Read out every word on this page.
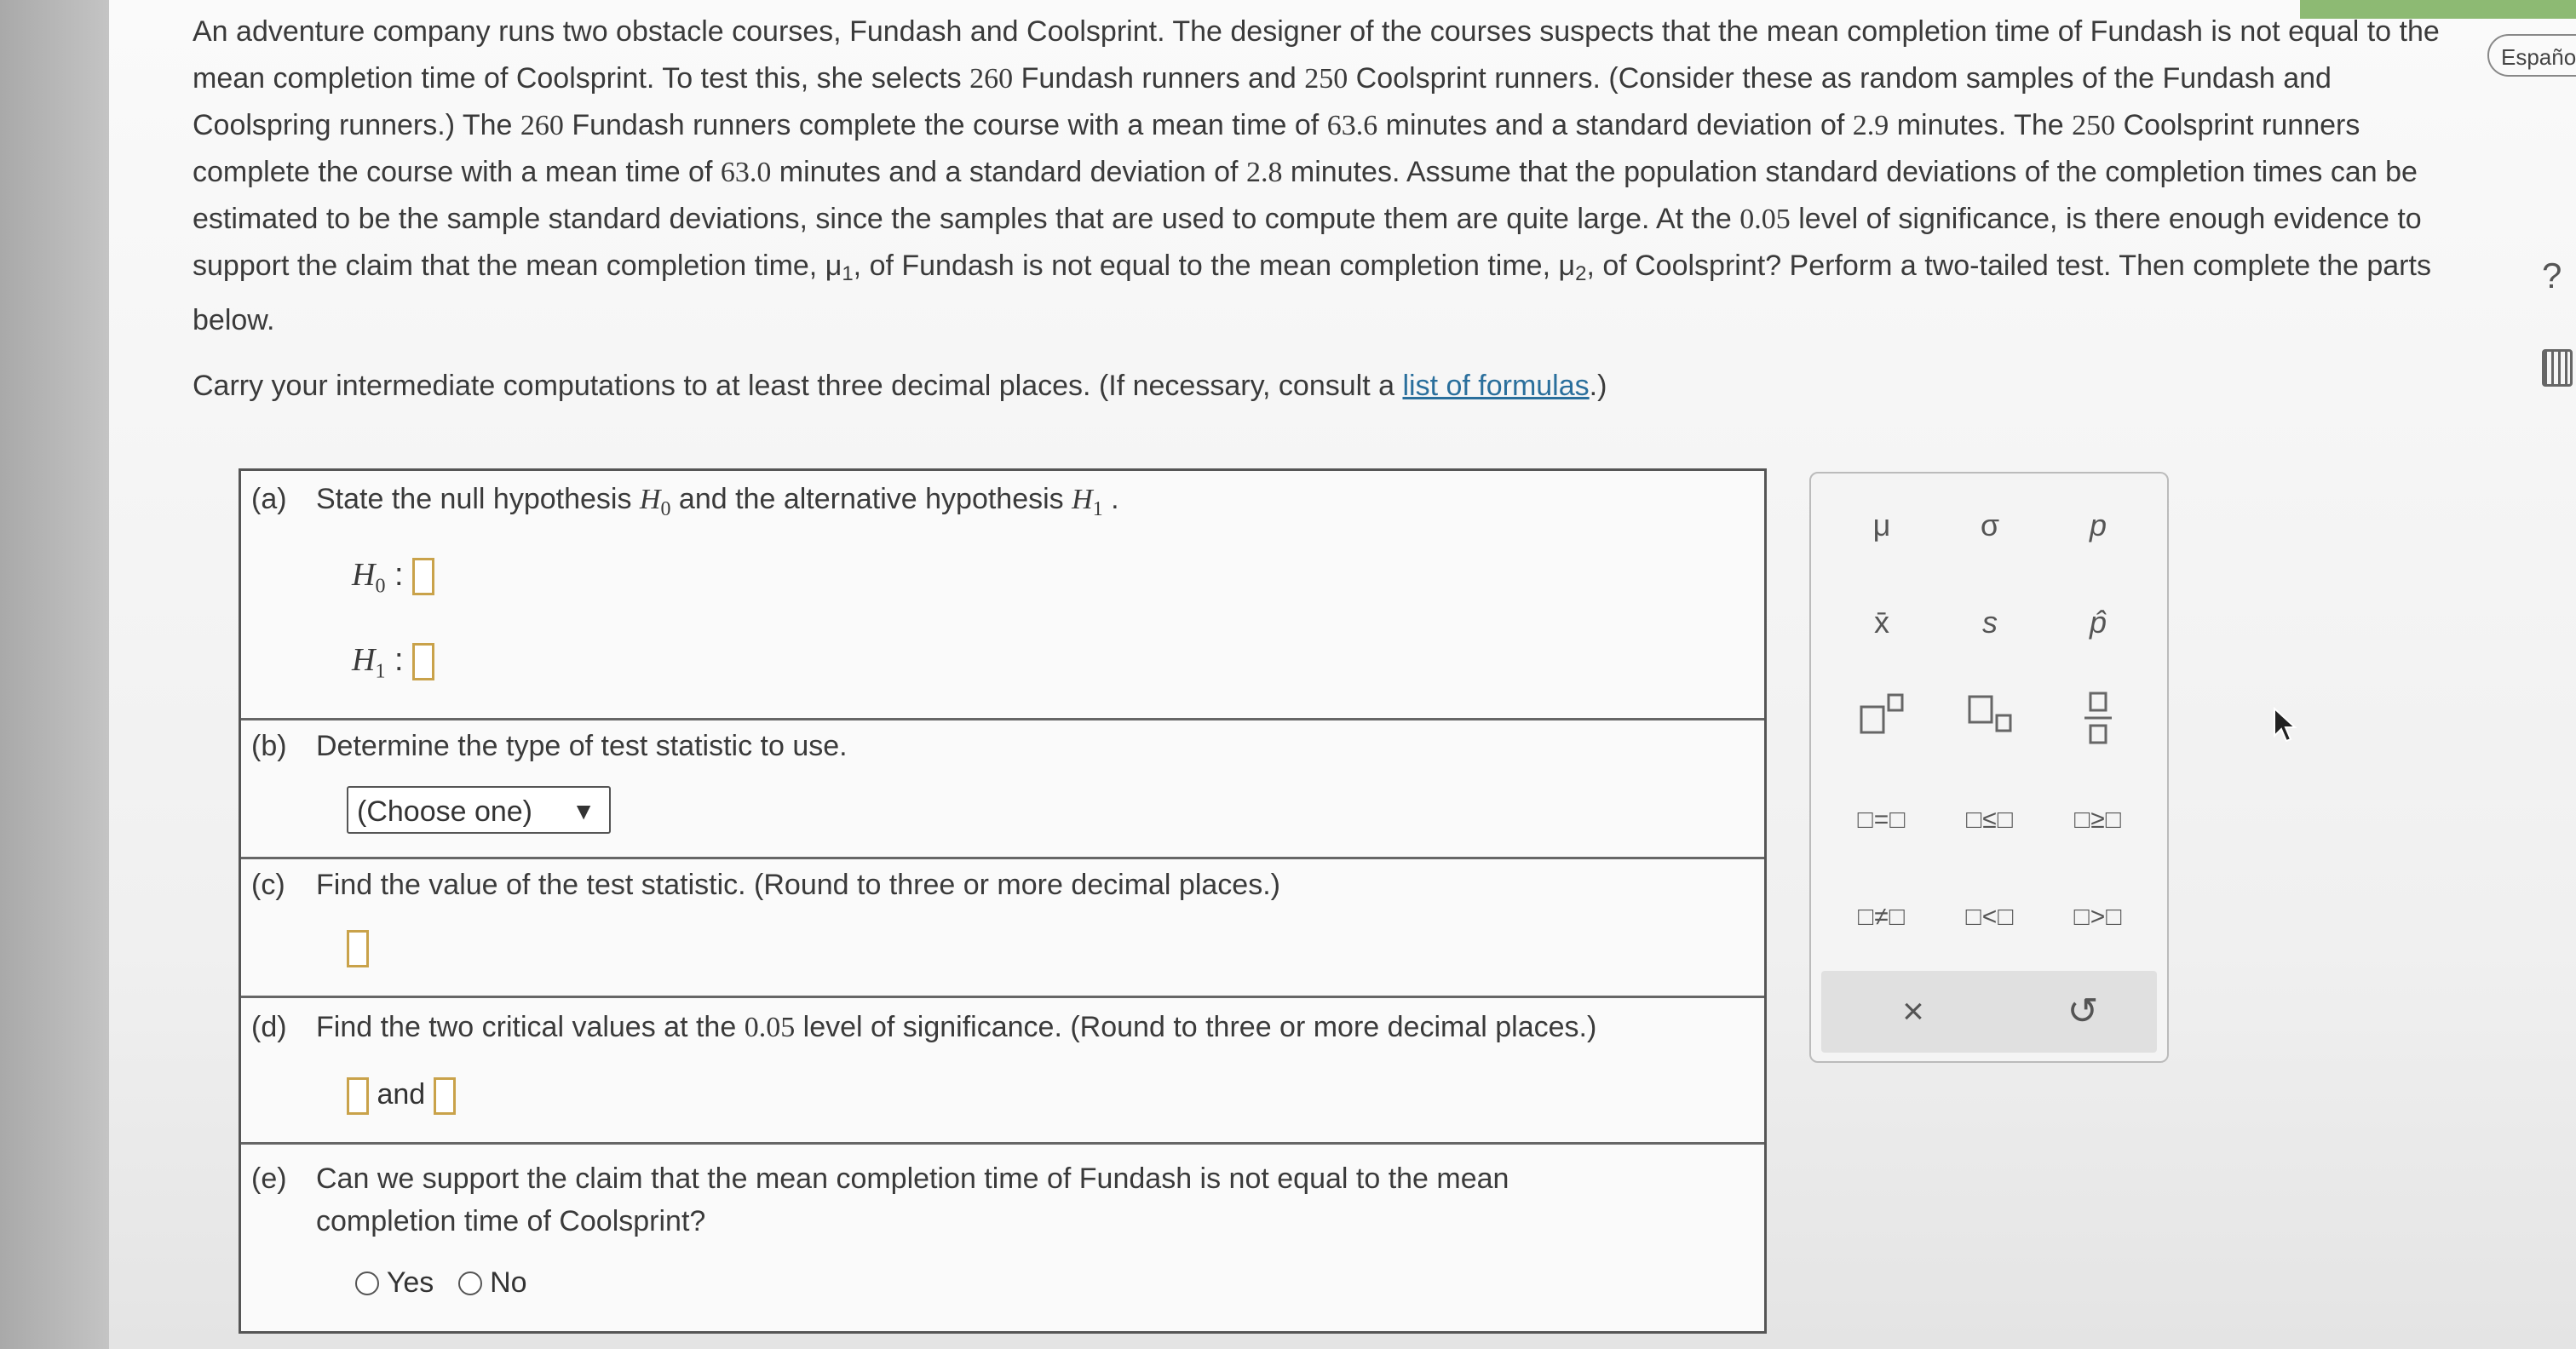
An adventure company runs two obstacle courses, Fundash and Coolsprint. The designer of the courses suspects that the mean completion time of Fundash is not equal to the mean completion time of Coolsprint. To test this, she selects 260 Fundash runners and 250 Coolsprint runners. (Consider these as random samples of the Fundash and Coolspring runners.) The 260 Fundash runners complete the course with a mean time of 63.6 minutes and a standard deviation of 2.9 minutes. The 250 Coolsprint runners complete the course with a mean time of 63.0 minutes and a standard deviation of 2.8 minutes. Assume that the population standard deviations of the completion times can be estimated to be the sample standard deviations, since the samples that are used to compute them are quite large. At the 0.05 level of significance, is there enough evidence to support the claim that the mean completion time, μ1, of Fundash is not equal to the mean completion time, μ2, of Coolsprint? Perform a two-tailed test. Then complete the parts below.

Carry your intermediate computations to at least three decimal places. (If necessary, consult a list of formulas.)

(a) State the null hypothesis $H_0$ and the alternative hypothesis $H_1$ .
$H_0$ :
$H_1$ :
(b) Determine the type of test statistic to use.
(Choose one) ▼
(c) Find the value of the test statistic. (Round to three or more decimal places.)
(d) Find the two critical values at the 0.05 level of significance. (Round to three or more decimal places.)
and
(e) Can we support the claim that the mean completion time of Fundash is not equal to the mean
completion time of Coolsprint?
Yes No
μ	σ	p
x̄	s	p̂
□=□	□≤□	□≥□
□≠□	□<□	□>□
×	↺
Españo
?
